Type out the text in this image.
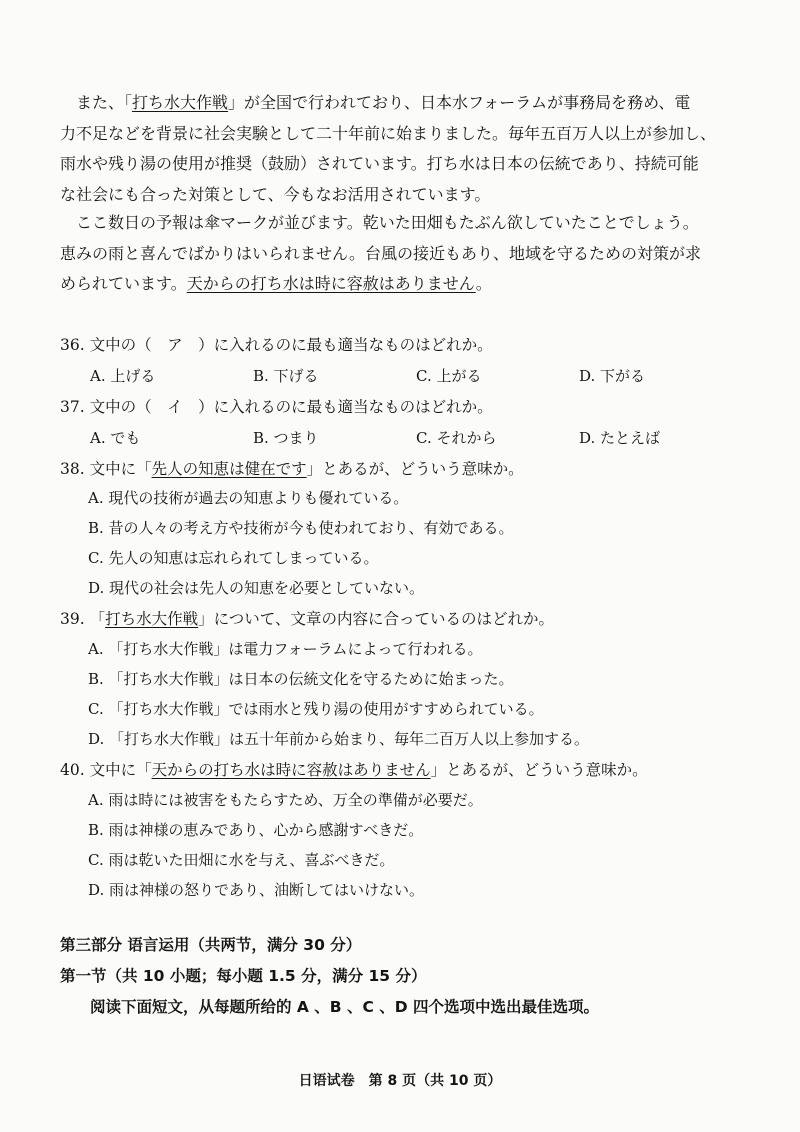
また、「打ち水大作戦」が全国で行われており、日本水フォーラムが事務局を務め、電
力不足などを背景に社会実験として二十年前に始まりました。毎年五百万人以上が参加し、
雨水や残り湯の使用が推奨（鼓励）されています。打ち水は日本の伝統であり、持続可能
な社会にも合った対策として、今もなお活用されています。
ここ数日の予報は傘マークが並びます。乾いた田畑もたぶん欲していたことでしょう。
恵みの雨と喜んでばかりはいられません。台風の接近もあり、地域を守るための対策が求
められています。天からの打ち水は時に容赦はありません。
36. 文中の（　ア　）に入れるのに最も適当なものはどれか。
A. 上げる	B. 下げる	C. 上がる	D. 下がる
37. 文中の（　イ　）に入れるのに最も適当なものはどれか。
A. でも	B. つまり	C. それから	D. たとえば
38. 文中に「先人の知恵は健在です」とあるが、どういう意味か。
A. 現代の技術が過去の知恵よりも優れている。
B. 昔の人々の考え方や技術が今も使われており、有効である。
C. 先人の知恵は忘れられてしまっている。
D. 現代の社会は先人の知恵を必要としていない。
39. 「打ち水大作戦」について、文章の内容に合っているのはどれか。
A. 「打ち水大作戦」は電力フォーラムによって行われる。
B. 「打ち水大作戦」は日本の伝統文化を守るために始まった。
C. 「打ち水大作戦」では雨水と残り湯の使用がすすめられている。
D. 「打ち水大作戦」は五十年前から始まり、毎年二百万人以上参加する。
40. 文中に「天からの打ち水は時に容赦はありません」とあるが、どういう意味か。
A. 雨は時には被害をもたらすため、万全の準備が必要だ。
B. 雨は神様の恵みであり、心から感謝すべきだ。
C. 雨は乾いた田畑に水を与え、喜ぶべきだ。
D. 雨は神様の怒りであり、油断してはいけない。
第三部分 语言运用（共两节，满分 30 分）
第一节（共 10 小题；每小题 1.5 分，满分 15 分）
阅读下面短文，从每题所给的 A 、B 、C 、D 四个选项中选出最佳选项。
日语试卷　第 8 页（共 10 页）
